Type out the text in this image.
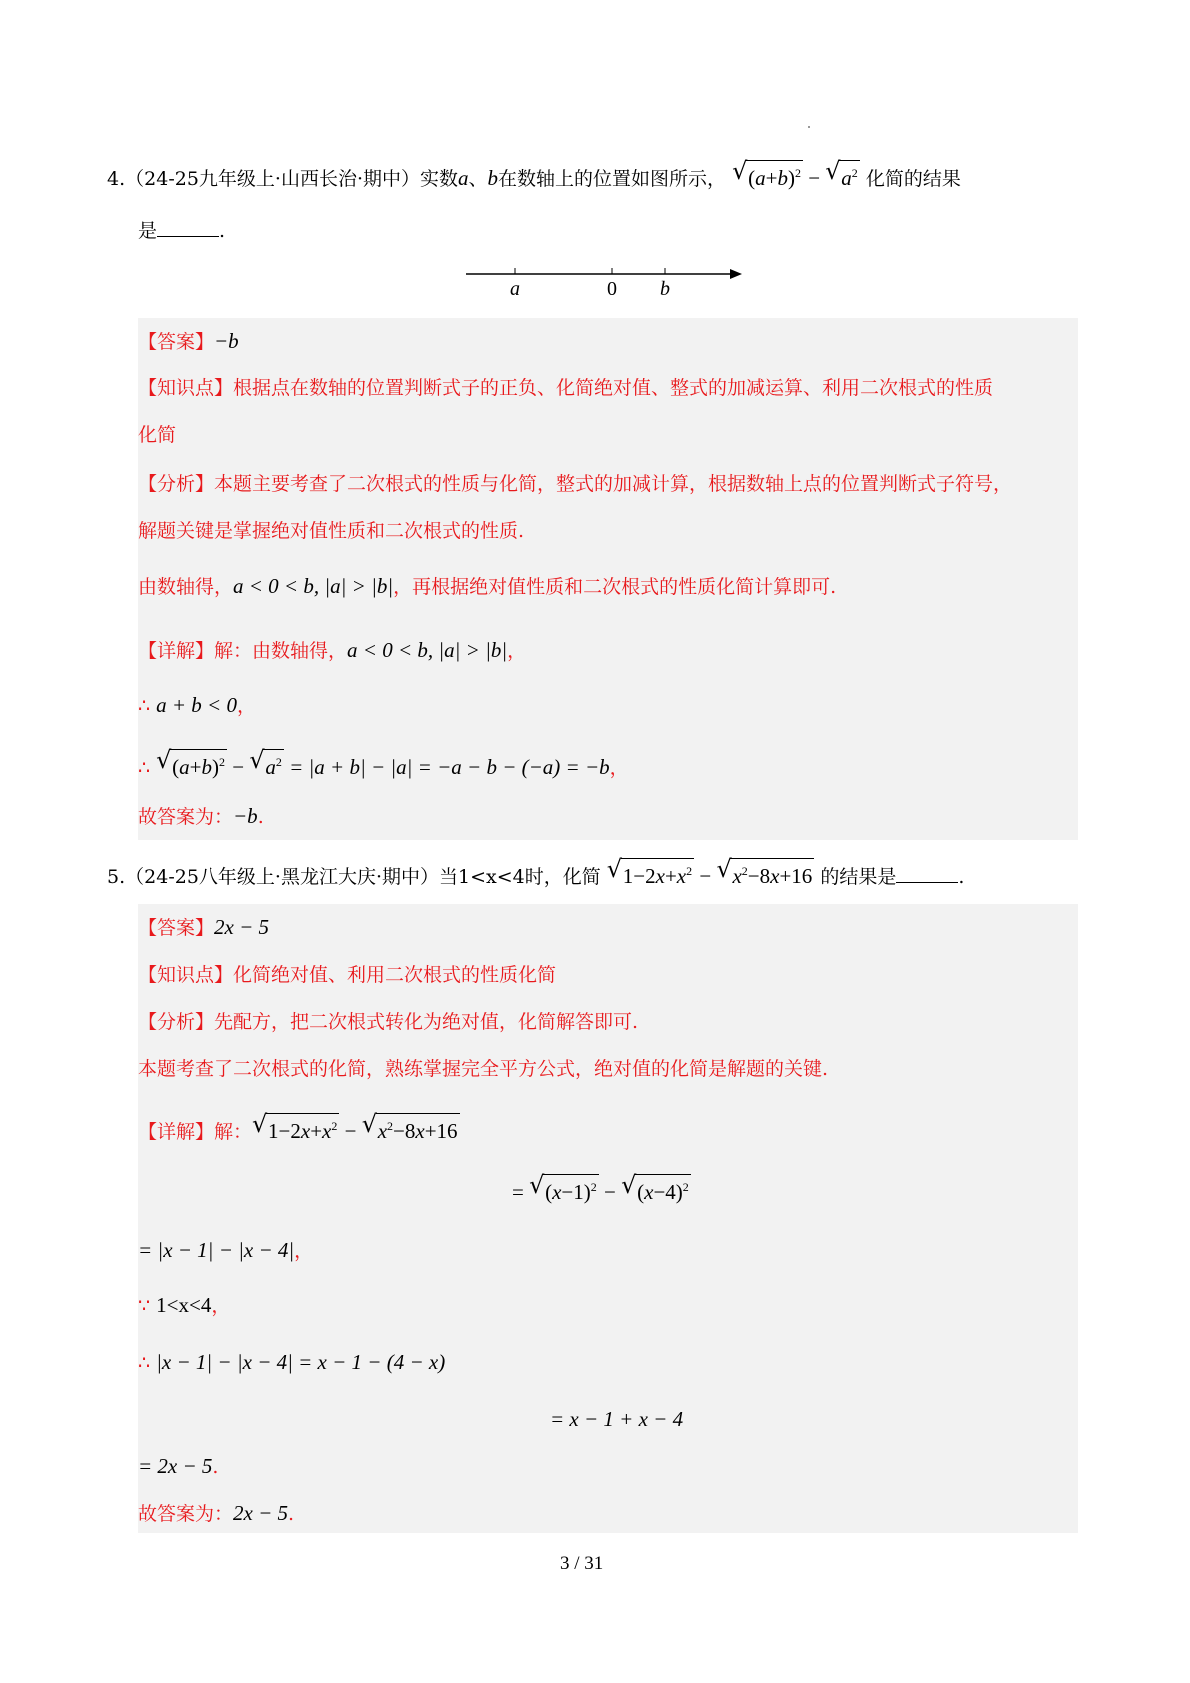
4.（24-25九年级上·山西长治·期中）实数a、b在数轴上的位置如图所示， √ $(a+b)^2$ − √ $a^2$ 化简的结果
是	.
a	0 b
【答案】−b
【知识点】根据点在数轴的位置判断式子的正负、化简绝对值、整式的加减运算、利用二次根式的性质
化简
【分析】本题主要考查了二次根式的性质与化简，整式的加减计算，根据数轴上点的位置判断式子符号，
解题关键是掌握绝对值性质和二次根式的性质.
由数轴得，a < 0 < b, |a| > |b|，再根据绝对值性质和二次根式的性质化简计算即可.
【详解】解：由数轴得，a < 0 < b, |a| > |b|，
∴ a + b < 0，
∴ √ $(a+b)^2$ − √ $a^2 = |a + b| - |a| = -a - b - (-a) = -b$，
故答案为：−b.
5.（24-25八年级上·黑龙江大庆·期中）当1<x<4时，化简 √ $1-2x+x^2$ − √ $x^2-8x+16$ 的结果是	.
【答案】2x − 5
【知识点】化简绝对值、利用二次根式的性质化简
【分析】先配方，把二次根式转化为绝对值，化简解答即可.
本题考查了二次根式的化简，熟练掌握完全平方公式，绝对值的化简是解题的关键.
【详解】解： √ $1-2x+x^2$ − √ $x^2-8x+16$
= √ $(x-1)^2$ − √ $(x-4)^2$
= |x − 1| − |x − 4|，
∵ 1<x<4，
∴ |x − 1| − |x − 4| = x − 1 − (4 − x)
= x − 1 + x − 4
= 2x − 5.
故答案为：2x − 5.
3 / 31
